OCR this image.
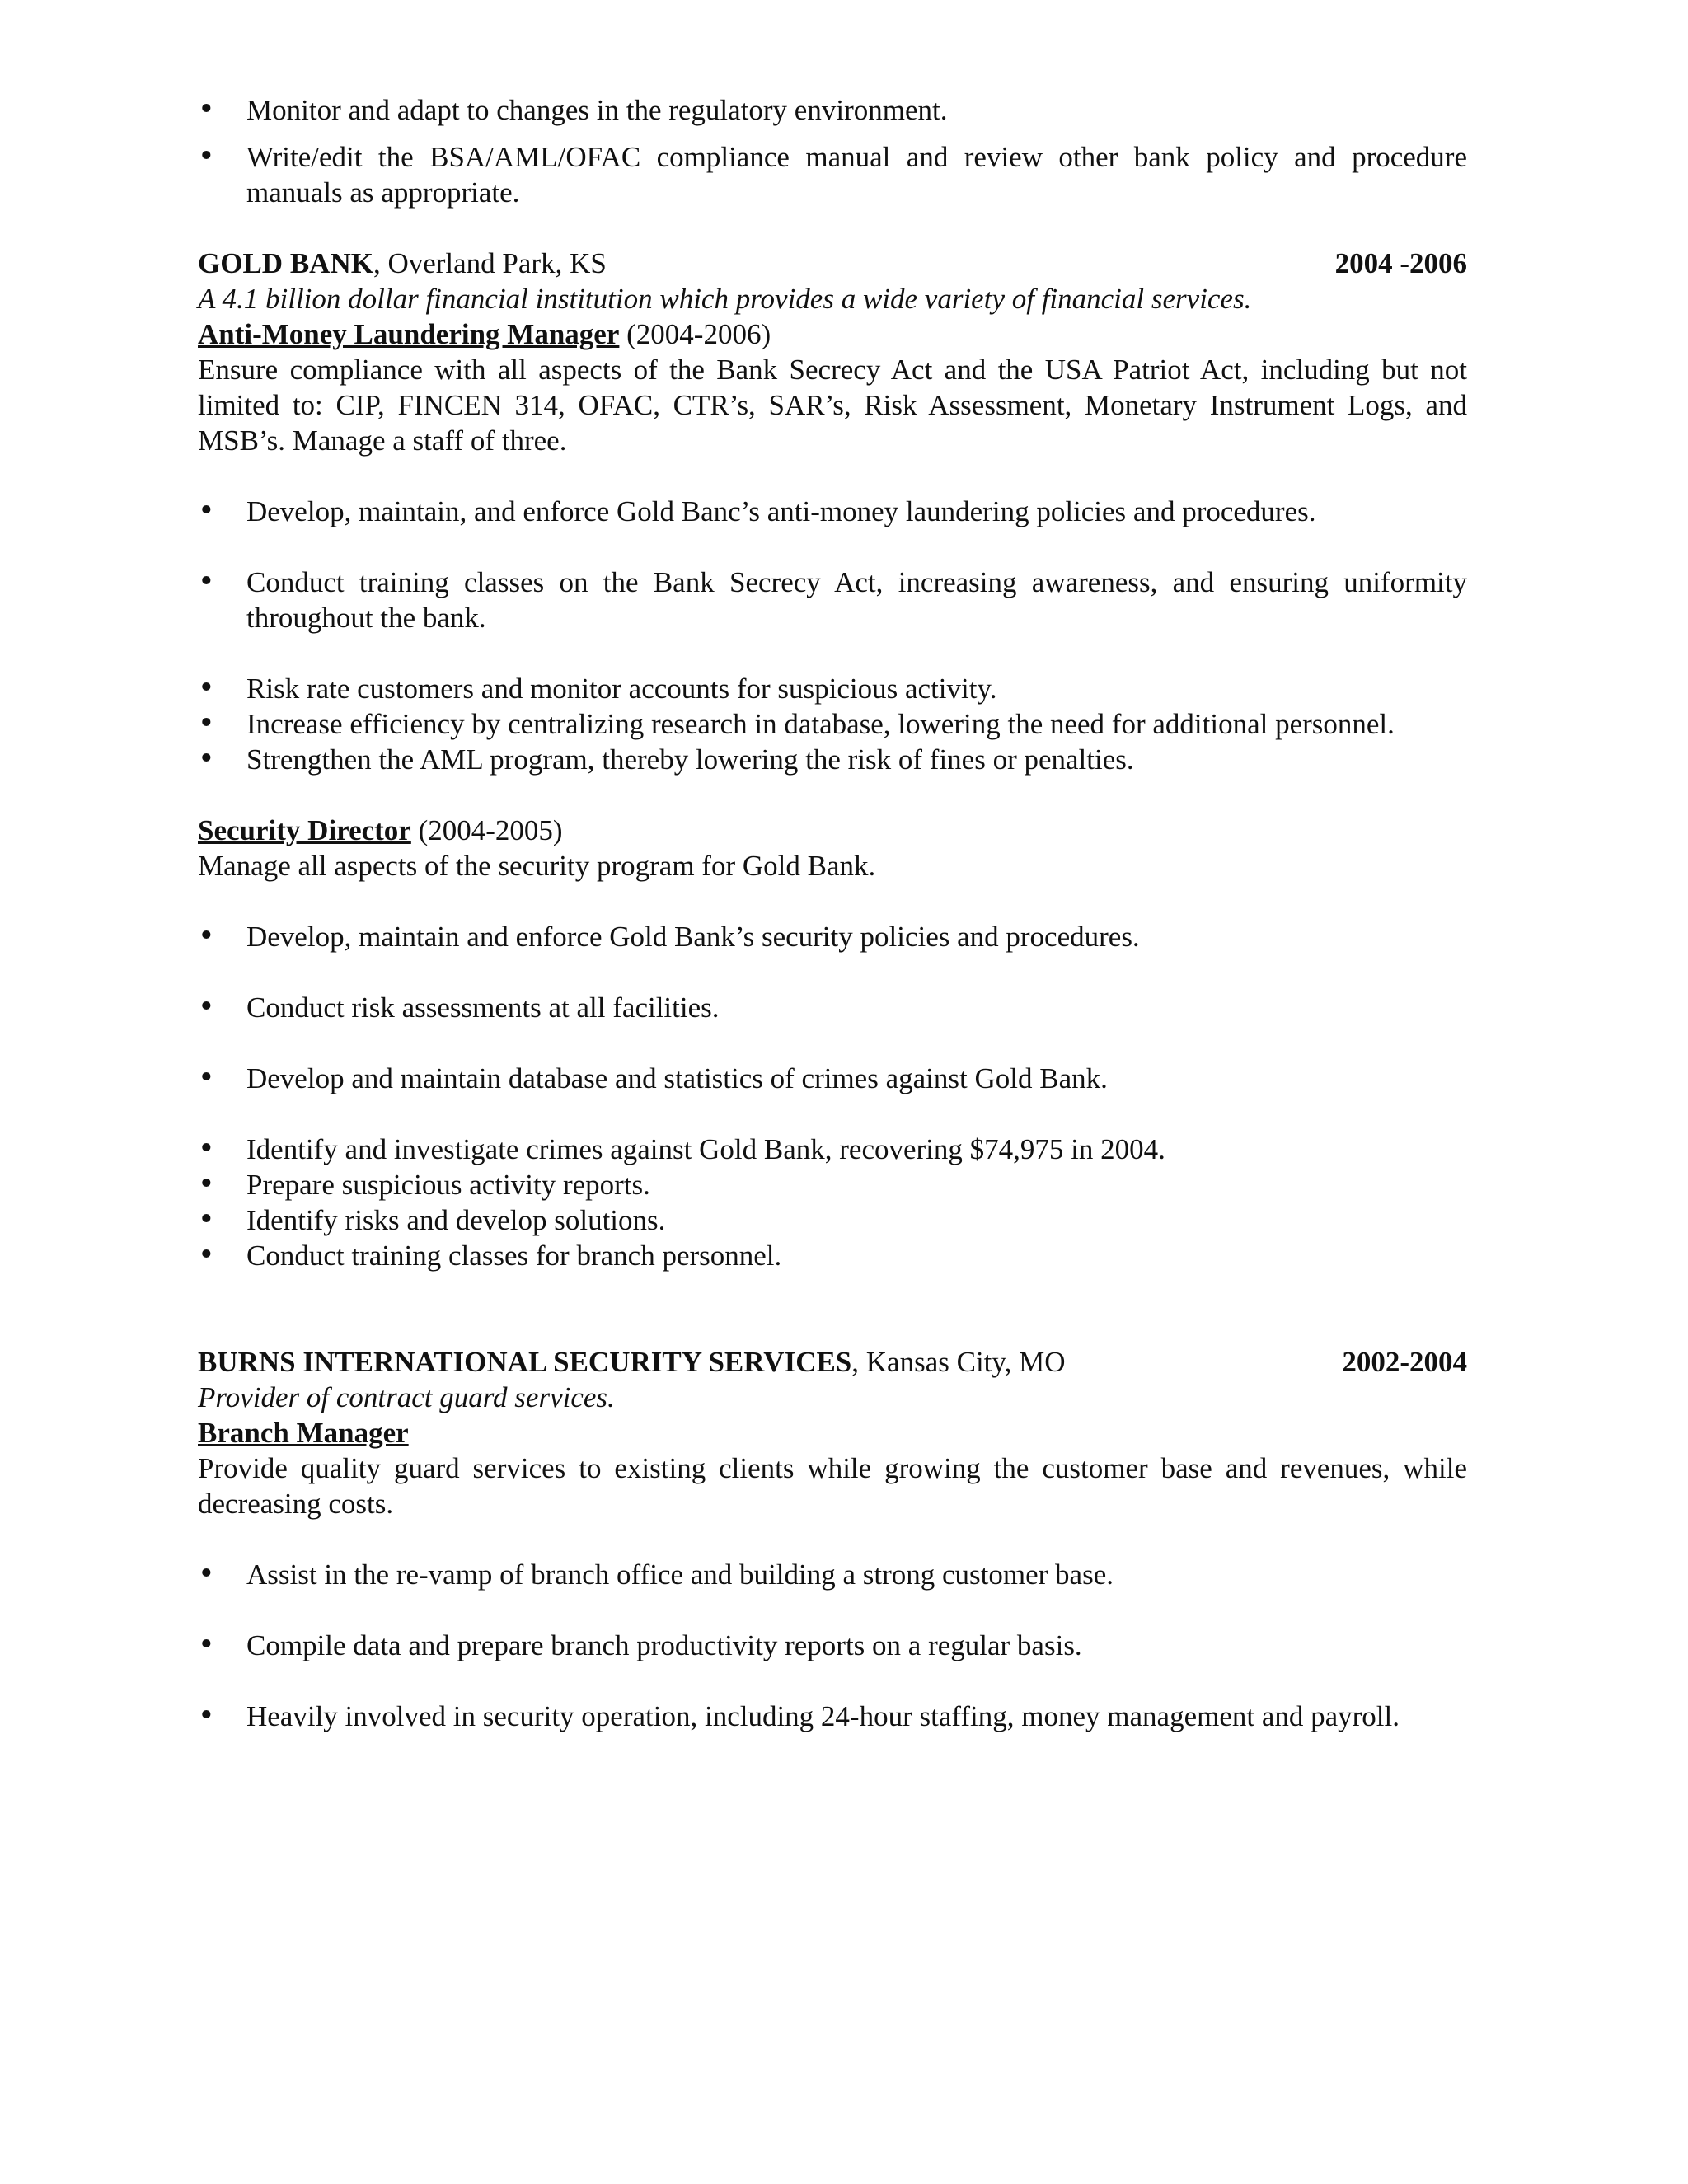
• Monitor and adapt to changes in the regulatory environment.
• Write/edit the BSA/AML/OFAC compliance manual and review other bank policy and procedure manuals as appropriate.
GOLD BANK, Overland Park, KS	2004 -2006
A 4.1 billion dollar financial institution which provides a wide variety of financial services.
Anti-Money Laundering Manager (2004-2006)
Ensure compliance with all aspects of the Bank Secrecy Act and the USA Patriot Act, including but not limited to: CIP, FINCEN 314, OFAC, CTR’s, SAR’s, Risk Assessment, Monetary Instrument Logs, and MSB’s. Manage a staff of three.
• Develop, maintain, and enforce Gold Banc’s anti-money laundering policies and procedures.
• Conduct training classes on the Bank Secrecy Act, increasing awareness, and ensuring uniformity throughout the bank.
• Risk rate customers and monitor accounts for suspicious activity.
• Increase efficiency by centralizing research in database, lowering the need for additional personnel.
• Strengthen the AML program, thereby lowering the risk of fines or penalties.
Security Director (2004-2005)
Manage all aspects of the security program for Gold Bank.
• Develop, maintain and enforce Gold Bank’s security policies and procedures.
• Conduct risk assessments at all facilities.
• Develop and maintain database and statistics of crimes against Gold Bank.
• Identify and investigate crimes against Gold Bank, recovering $74,975 in 2004.
• Prepare suspicious activity reports.
• Identify risks and develop solutions.
• Conduct training classes for branch personnel.
BURNS INTERNATIONAL SECURITY SERVICES, Kansas City, MO	2002-2004
Provider of contract guard services.
Branch Manager
Provide quality guard services to existing clients while growing the customer base and revenues, while decreasing costs.
• Assist in the re-vamp of branch office and building a strong customer base.
• Compile data and prepare branch productivity reports on a regular basis.
• Heavily involved in security operation, including 24-hour staffing, money management and payroll.
